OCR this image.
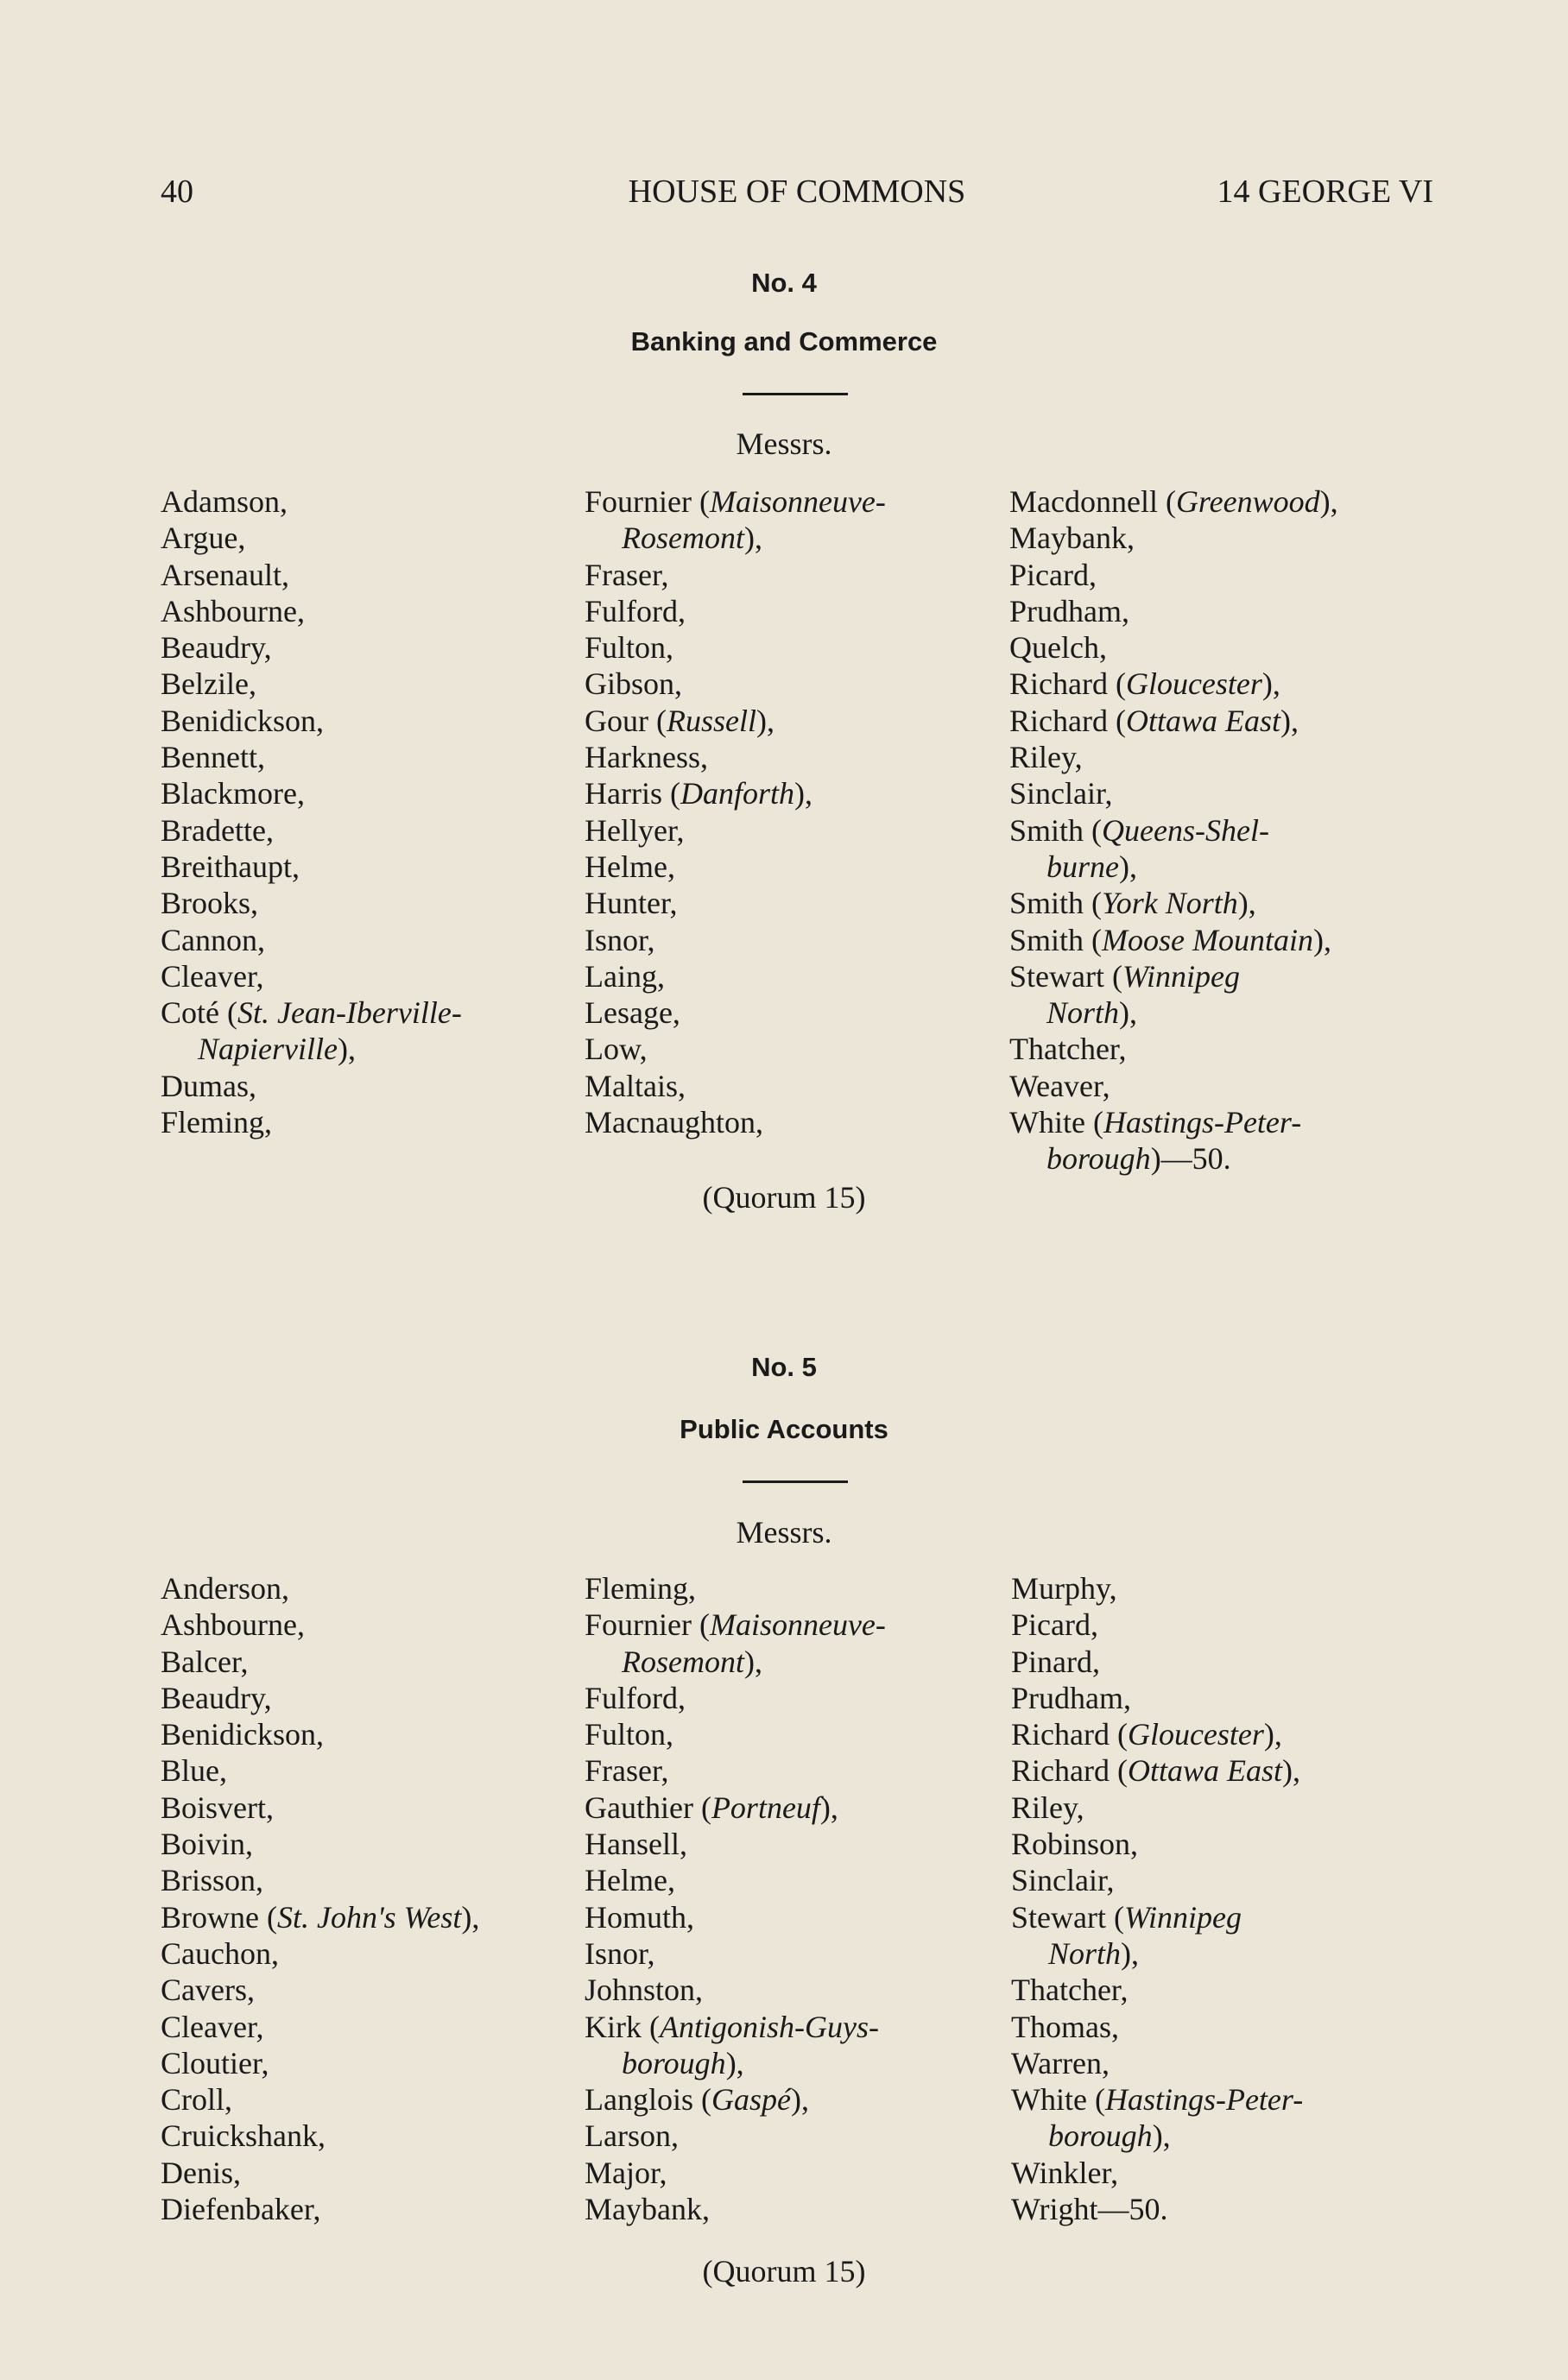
40	HOUSE OF COMMONS	14 GEORGE VI
No. 4
Banking and Commerce
Messrs.
Adamson,
Argue,
Arsenault,
Ashbourne,
Beaudry,
Belzile,
Benidickson,
Bennett,
Blackmore,
Bradette,
Breithaupt,
Brooks,
Cannon,
Cleaver,
Coté (St. Jean-Iberville-
Napierville),
Dumas,
Fleming,
Fournier (Maisonneuve-
Rosemont),
Fraser,
Fulford,
Fulton,
Gibson,
Gour (Russell),
Harkness,
Harris (Danforth),
Hellyer,
Helme,
Hunter,
Isnor,
Laing,
Lesage,
Low,
Maltais,
Macnaughton,
Macdonnell (Greenwood),
Maybank,
Picard,
Prudham,
Quelch,
Richard (Gloucester),
Richard (Ottawa East),
Riley,
Sinclair,
Smith (Queens-Shel-
burne),
Smith (York North),
Smith (Moose Mountain),
Stewart (Winnipeg
North),
Thatcher,
Weaver,
White (Hastings-Peter-
borough)—50.
(Quorum 15)
No. 5
Public Accounts
Messrs.
Anderson,
Ashbourne,
Balcer,
Beaudry,
Benidickson,
Blue,
Boisvert,
Boivin,
Brisson,
Browne (St. John's West),
Cauchon,
Cavers,
Cleaver,
Cloutier,
Croll,
Cruickshank,
Denis,
Diefenbaker,
Fleming,
Fournier (Maisonneuve-
Rosemont),
Fulford,
Fulton,
Fraser,
Gauthier (Portneuf),
Hansell,
Helme,
Homuth,
Isnor,
Johnston,
Kirk (Antigonish-Guys-
borough),
Langlois (Gaspé),
Larson,
Major,
Maybank,
Murphy,
Picard,
Pinard,
Prudham,
Richard (Gloucester),
Richard (Ottawa East),
Riley,
Robinson,
Sinclair,
Stewart (Winnipeg
North),
Thatcher,
Thomas,
Warren,
White (Hastings-Peter-
borough),
Winkler,
Wright—50.
(Quorum 15)
